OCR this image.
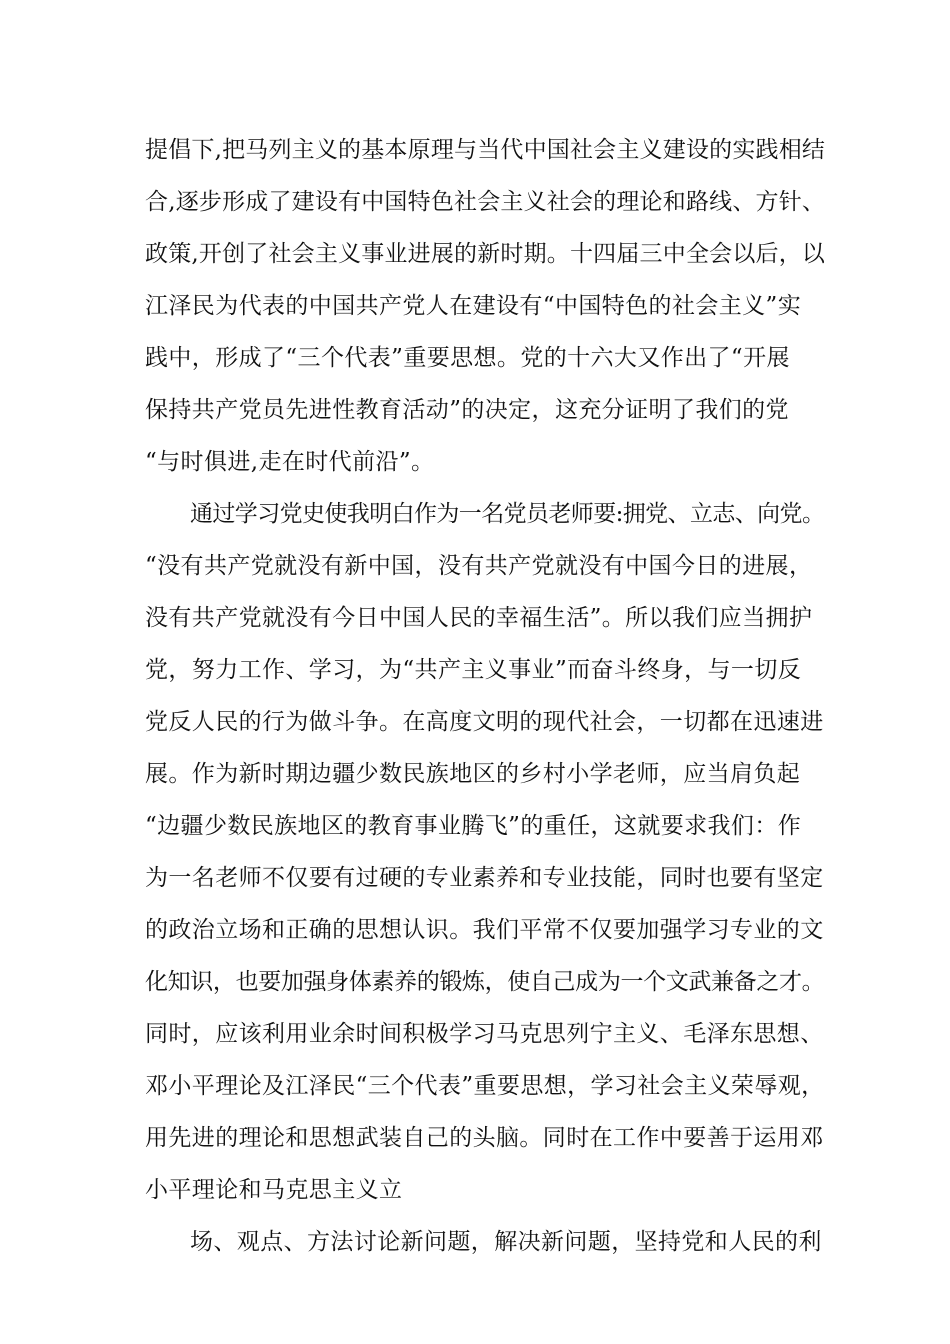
提倡下,把马列主义的基本原理与当代中国社会主义建设的实践相结
合,逐步形成了建设有中国特色社会主义社会的理论和路线、方针、
政策,开创了社会主义事业进展的新时期。十四届三中全会以后，以
江泽民为代表的中国共产党人在建设有“中国特色的社会主义”实
践中，形成了“三个代表”重要思想。党的十六大又作出了“开展
保持共产党员先进性教育活动”的决定，这充分证明了我们的党
“与时俱进,走在时代前沿”。
通过学习党史使我明白作为一名党员老师要:拥党、立志、向党。
“没有共产党就没有新中国，没有共产党就没有中国今日的进展，
没有共产党就没有今日中国人民的幸福生活”。所以我们应当拥护
党，努力工作、学习，为“共产主义事业”而奋斗终身，与一切反
党反人民的行为做斗争。在高度文明的现代社会，一切都在迅速进
展。作为新时期边疆少数民族地区的乡村小学老师，应当肩负起
“边疆少数民族地区的教育事业腾飞”的重任，这就要求我们：作
为一名老师不仅要有过硬的专业素养和专业技能，同时也要有坚定
的政治立场和正确的思想认识。我们平常不仅要加强学习专业的文
化知识，也要加强身体素养的锻炼，使自己成为一个文武兼备之才。
同时，应该利用业余时间积极学习马克思列宁主义、毛泽东思想、
邓小平理论及江泽民“三个代表”重要思想，学习社会主义荣辱观，
用先进的理论和思想武装自己的头脑。同时在工作中要善于运用邓
小平理论和马克思主义立
场、观点、方法讨论新问题，解决新问题，坚持党和人民的利
